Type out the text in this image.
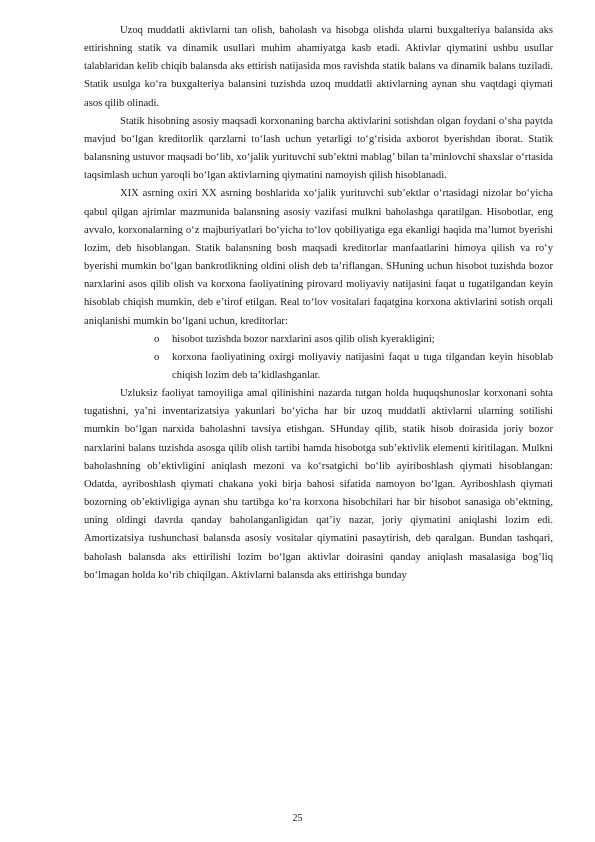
Uzoq muddatli aktivlarni tan olish, baholash va hisobga olishda ularni buxgalteriya balansida aks ettirishning statik va dinamik usullari muhim ahamiyatga kasb etadi. Aktivlar qiymatini ushbu usullar talablaridan kelib chiqib balansda aks ettirish natijasida mos ravishda statik balans va dinamik balans tuziladi. Statik usulga ko‘ra buxgalteriya balansini tuzishda uzoq muddatli aktivlarning aynan shu vaqtdagi qiymati asos qilib olinadi.

Statik hisobning asosiy maqsadi korxonaning barcha aktivlarini sotishdan olgan foydani o‘sha paytda mavjud bo‘lgan kreditorlik qarzlarni to‘lash uchun yetarligi to‘g‘risida axborot byerishdan iborat. Statik balansning ustuvor maqsadi bo‘lib, xo‘jalik yurituvchi sub’ektni mablag’ bilan ta’minlovchi shaxslar o‘rtasida taqsimlash uchun yaroqli bo‘lgan aktivlarning qiymatini namoyish qilish hisoblanadi.

XIX asrning oxiri XX asrning boshlarida xo‘jalik yurituvchi sub’ektlar o‘rtasidagi nizolar bo‘yicha qabul qilgan ajrimlar mazmunida balansning asosiy vazifasi mulkni baholashga qaratilgan. Hisobotlar, eng avvalo, korxonalarning o‘z majburiyatlari bo‘yicha to‘lov qobiliyatiga ega ekanligi haqida ma’lumot byerishi lozim, deb hisoblangan. Statik balansning bosh maqsadi kreditorlar manfaatlarini himoya qilish va ro‘y byerishi mumkin bo‘lgan bankrotlikning oldini olish deb ta’riflangan. SHuning uchun hisobot tuzishda bozor narxlarini asos qilib olish va korxona faoliyatining pirovard moliyaviy natijasini faqat u tugatilgandan keyin hisoblab chiqish mumkin, deb e’tirof etilgan. Real to‘lov vositalari faqatgina korxona aktivlarini sotish orqali aniqlanishi mumkin bo‘lgani uchun, kreditorlar:

o hisobot tuzishda bozor narxlarini asos qilib olish kyerakligini;
o korxona faoliyatining oxirgi moliyaviy natijasini faqat u tuga tilgandan keyin hisoblab chiqish lozim deb ta’kidlashganlar.

Uzluksiz faoliyat tamoyiliga amal qilinishini nazarda tutgan holda huquqshunoslar korxonani sohta tugatishni, ya’ni inventarizatsiya yakunlari bo‘yicha har bir uzoq muddatli aktivlarni ularning sotilishi mumkin bo‘lgan narxida baholashni tavsiya etishgan. SHunday qilib, statik hisob doirasida joriy bozor narxlarini balans tuzishda asosga qilib olish tartibi hamda hisobotga sub’ektivlik elementi kiritilagan. Mulkni baholashning ob’ektivligini aniqlash mezoni va ko‘rsatgichi bo‘lib ayiriboshlash qiymati hisoblangan: Odatda, ayriboshlash qiymati chakana yoki birja bahosi sifatida namoyon bo‘lgan. Ayriboshlash qiymati bozorning ob’ektivligiga aynan shu tartibga ko‘ra korxona hisobchilari har bir hisobot sanasiga ob’ektning, uning oldingi davrda qanday baholanganligidan qat’iy nazar, joriy qiymatini aniqlashi lozim edi. Amortizatsiya tushunchasi balansda asosiy vositalar qiymatini pasaytirish, deb qaralgan. Bundan tashqari, baholash balansda aks ettirilishi lozim bo‘lgan aktivlar doirasini qanday aniqlash masalasiga bog’liq bo‘lmagan holda ko‘rib chiqilgan. Aktivlarni balansda aks ettirishga bunday

25
